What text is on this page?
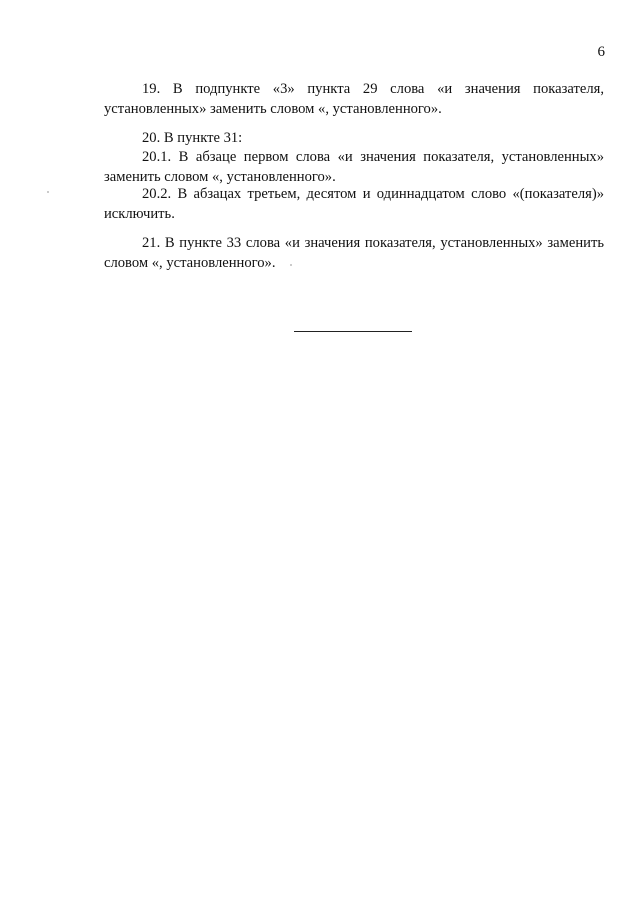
6

19. В подпункте «3» пункта 29 слова «и значения показателя, установленных» заменить словом «, установленного».

20. В пункте 31:

20.1. В абзаце первом слова «и значения показателя, установленных» заменить словом «, установленного».

20.2. В абзацах третьем, десятом и одиннадцатом слово «(показателя)» исключить.

21. В пункте 33 слова «и значения показателя, установленных» заменить словом «, установленного».
